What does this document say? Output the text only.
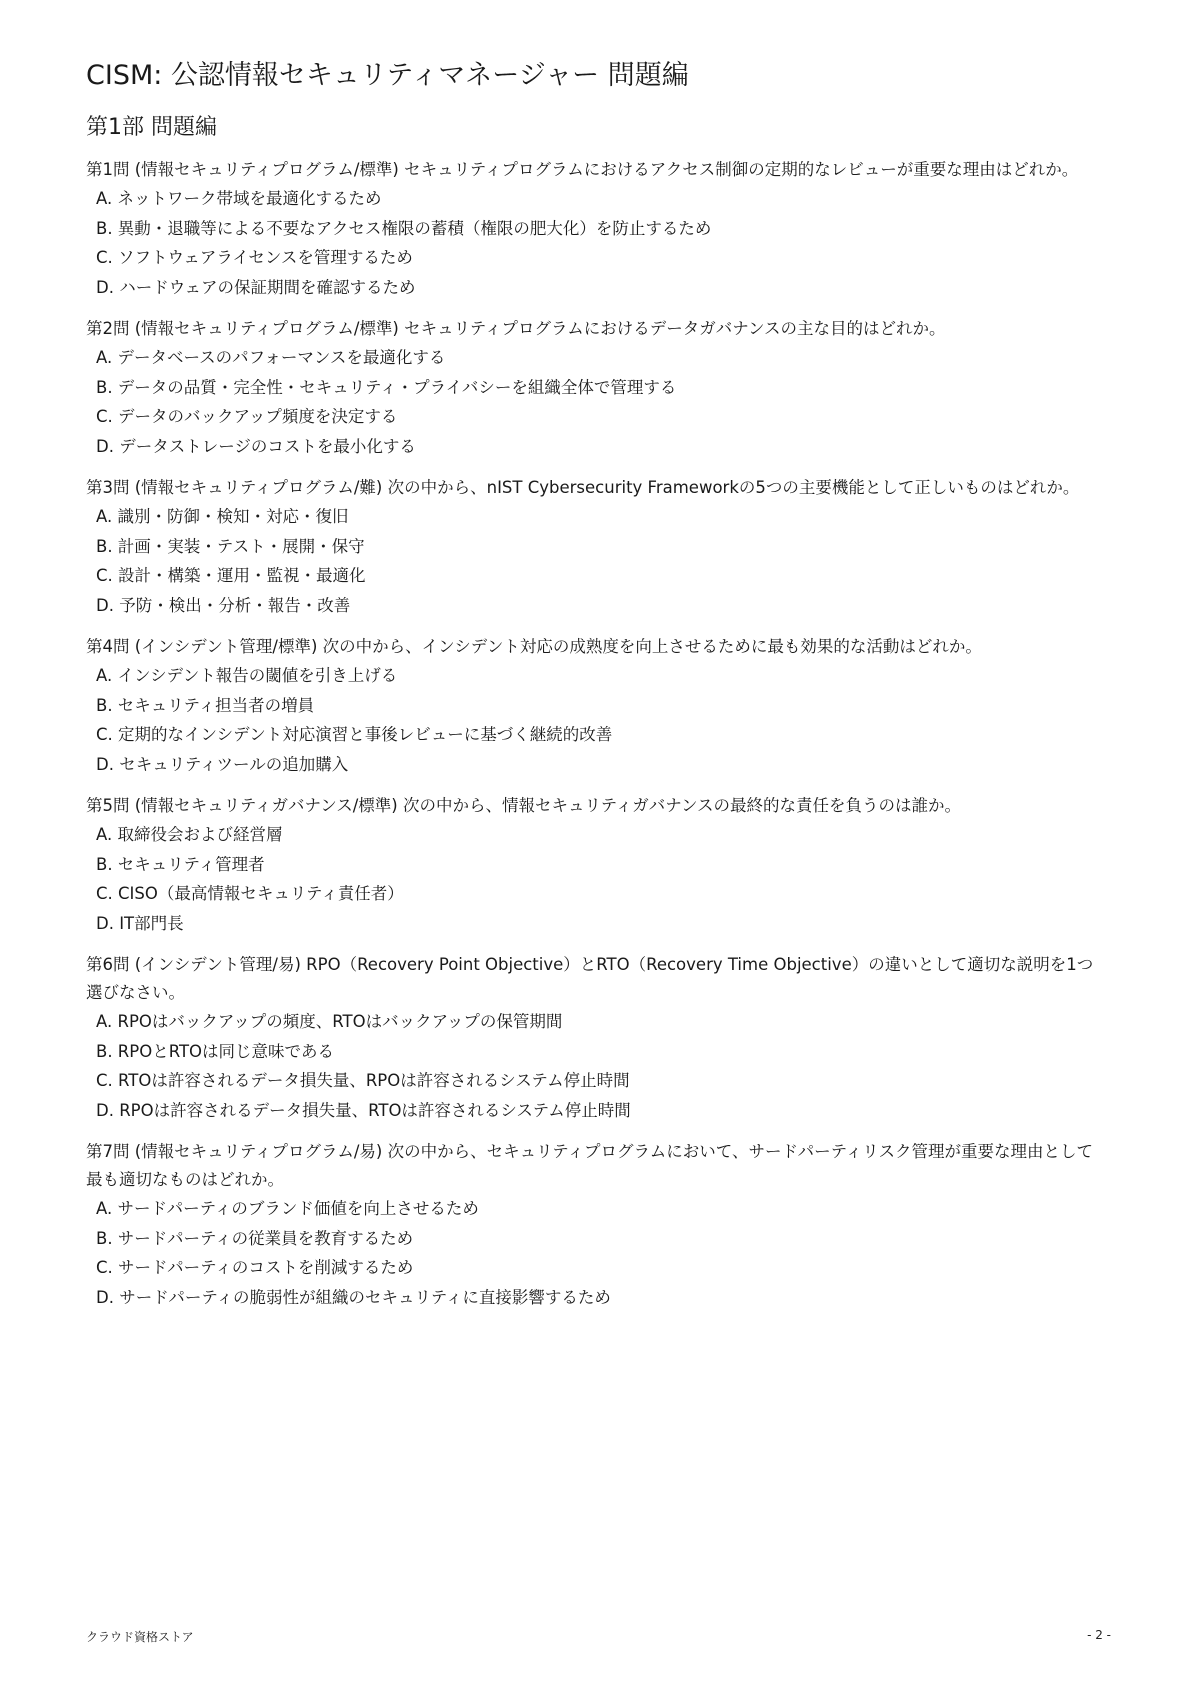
CISM: 公認情報セキュリティマネージャー 問題編
第1部 問題編

第1問 (情報セキュリティプログラム/標準) セキュリティプログラムにおけるアクセス制御の定期的なレビューが重要な理由はどれか。

A. ネットワーク帯域を最適化するため
B. 異動・退職等による不要なアクセス権限の蓄積（権限の肥大化）を防止するため
C. ソフトウェアライセンスを管理するため
D. ハードウェアの保証期間を確認するため

第2問 (情報セキュリティプログラム/標準) セキュリティプログラムにおけるデータガバナンスの主な目的はどれか。

A. データベースのパフォーマンスを最適化する
B. データの品質・完全性・セキュリティ・プライバシーを組織全体で管理する
C. データのバックアップ頻度を決定する
D. データストレージのコストを最小化する

第3問 (情報セキュリティプログラム/難) 次の中から、nIST Cybersecurity Frameworkの5つの主要機能として正しいものはどれか。

A. 識別・防御・検知・対応・復旧
B. 計画・実装・テスト・展開・保守
C. 設計・構築・運用・監視・最適化
D. 予防・検出・分析・報告・改善

第4問 (インシデント管理/標準) 次の中から、インシデント対応の成熟度を向上させるために最も効果的な活動はどれか。

A. インシデント報告の閾値を引き上げる
B. セキュリティ担当者の増員
C. 定期的なインシデント対応演習と事後レビューに基づく継続的改善
D. セキュリティツールの追加購入

第5問 (情報セキュリティガバナンス/標準) 次の中から、情報セキュリティガバナンスの最終的な責任を負うのは誰か。

A. 取締役会および経営層
B. セキュリティ管理者
C. CISO（最高情報セキュリティ責任者）
D. IT部門長

第6問 (インシデント管理/易) RPO（Recovery Point Objective）とRTO（Recovery Time Objective）の違いとして適切な説明を1つ選びなさい。

A. RPOはバックアップの頻度、RTOはバックアップの保管期間
B. RPOとRTOは同じ意味である
C. RTOは許容されるデータ損失量、RPOは許容されるシステム停止時間
D. RPOは許容されるデータ損失量、RTOは許容されるシステム停止時間

第7問 (情報セキュリティプログラム/易) 次の中から、セキュリティプログラムにおいて、サードパーティリスク管理が重要な理由として最も適切なものはどれか。

A. サードパーティのブランド価値を向上させるため
B. サードパーティの従業員を教育するため
C. サードパーティのコストを削減するため
D. サードパーティの脆弱性が組織のセキュリティに直接影響するため
クラウド資格ストア	- 2 -
